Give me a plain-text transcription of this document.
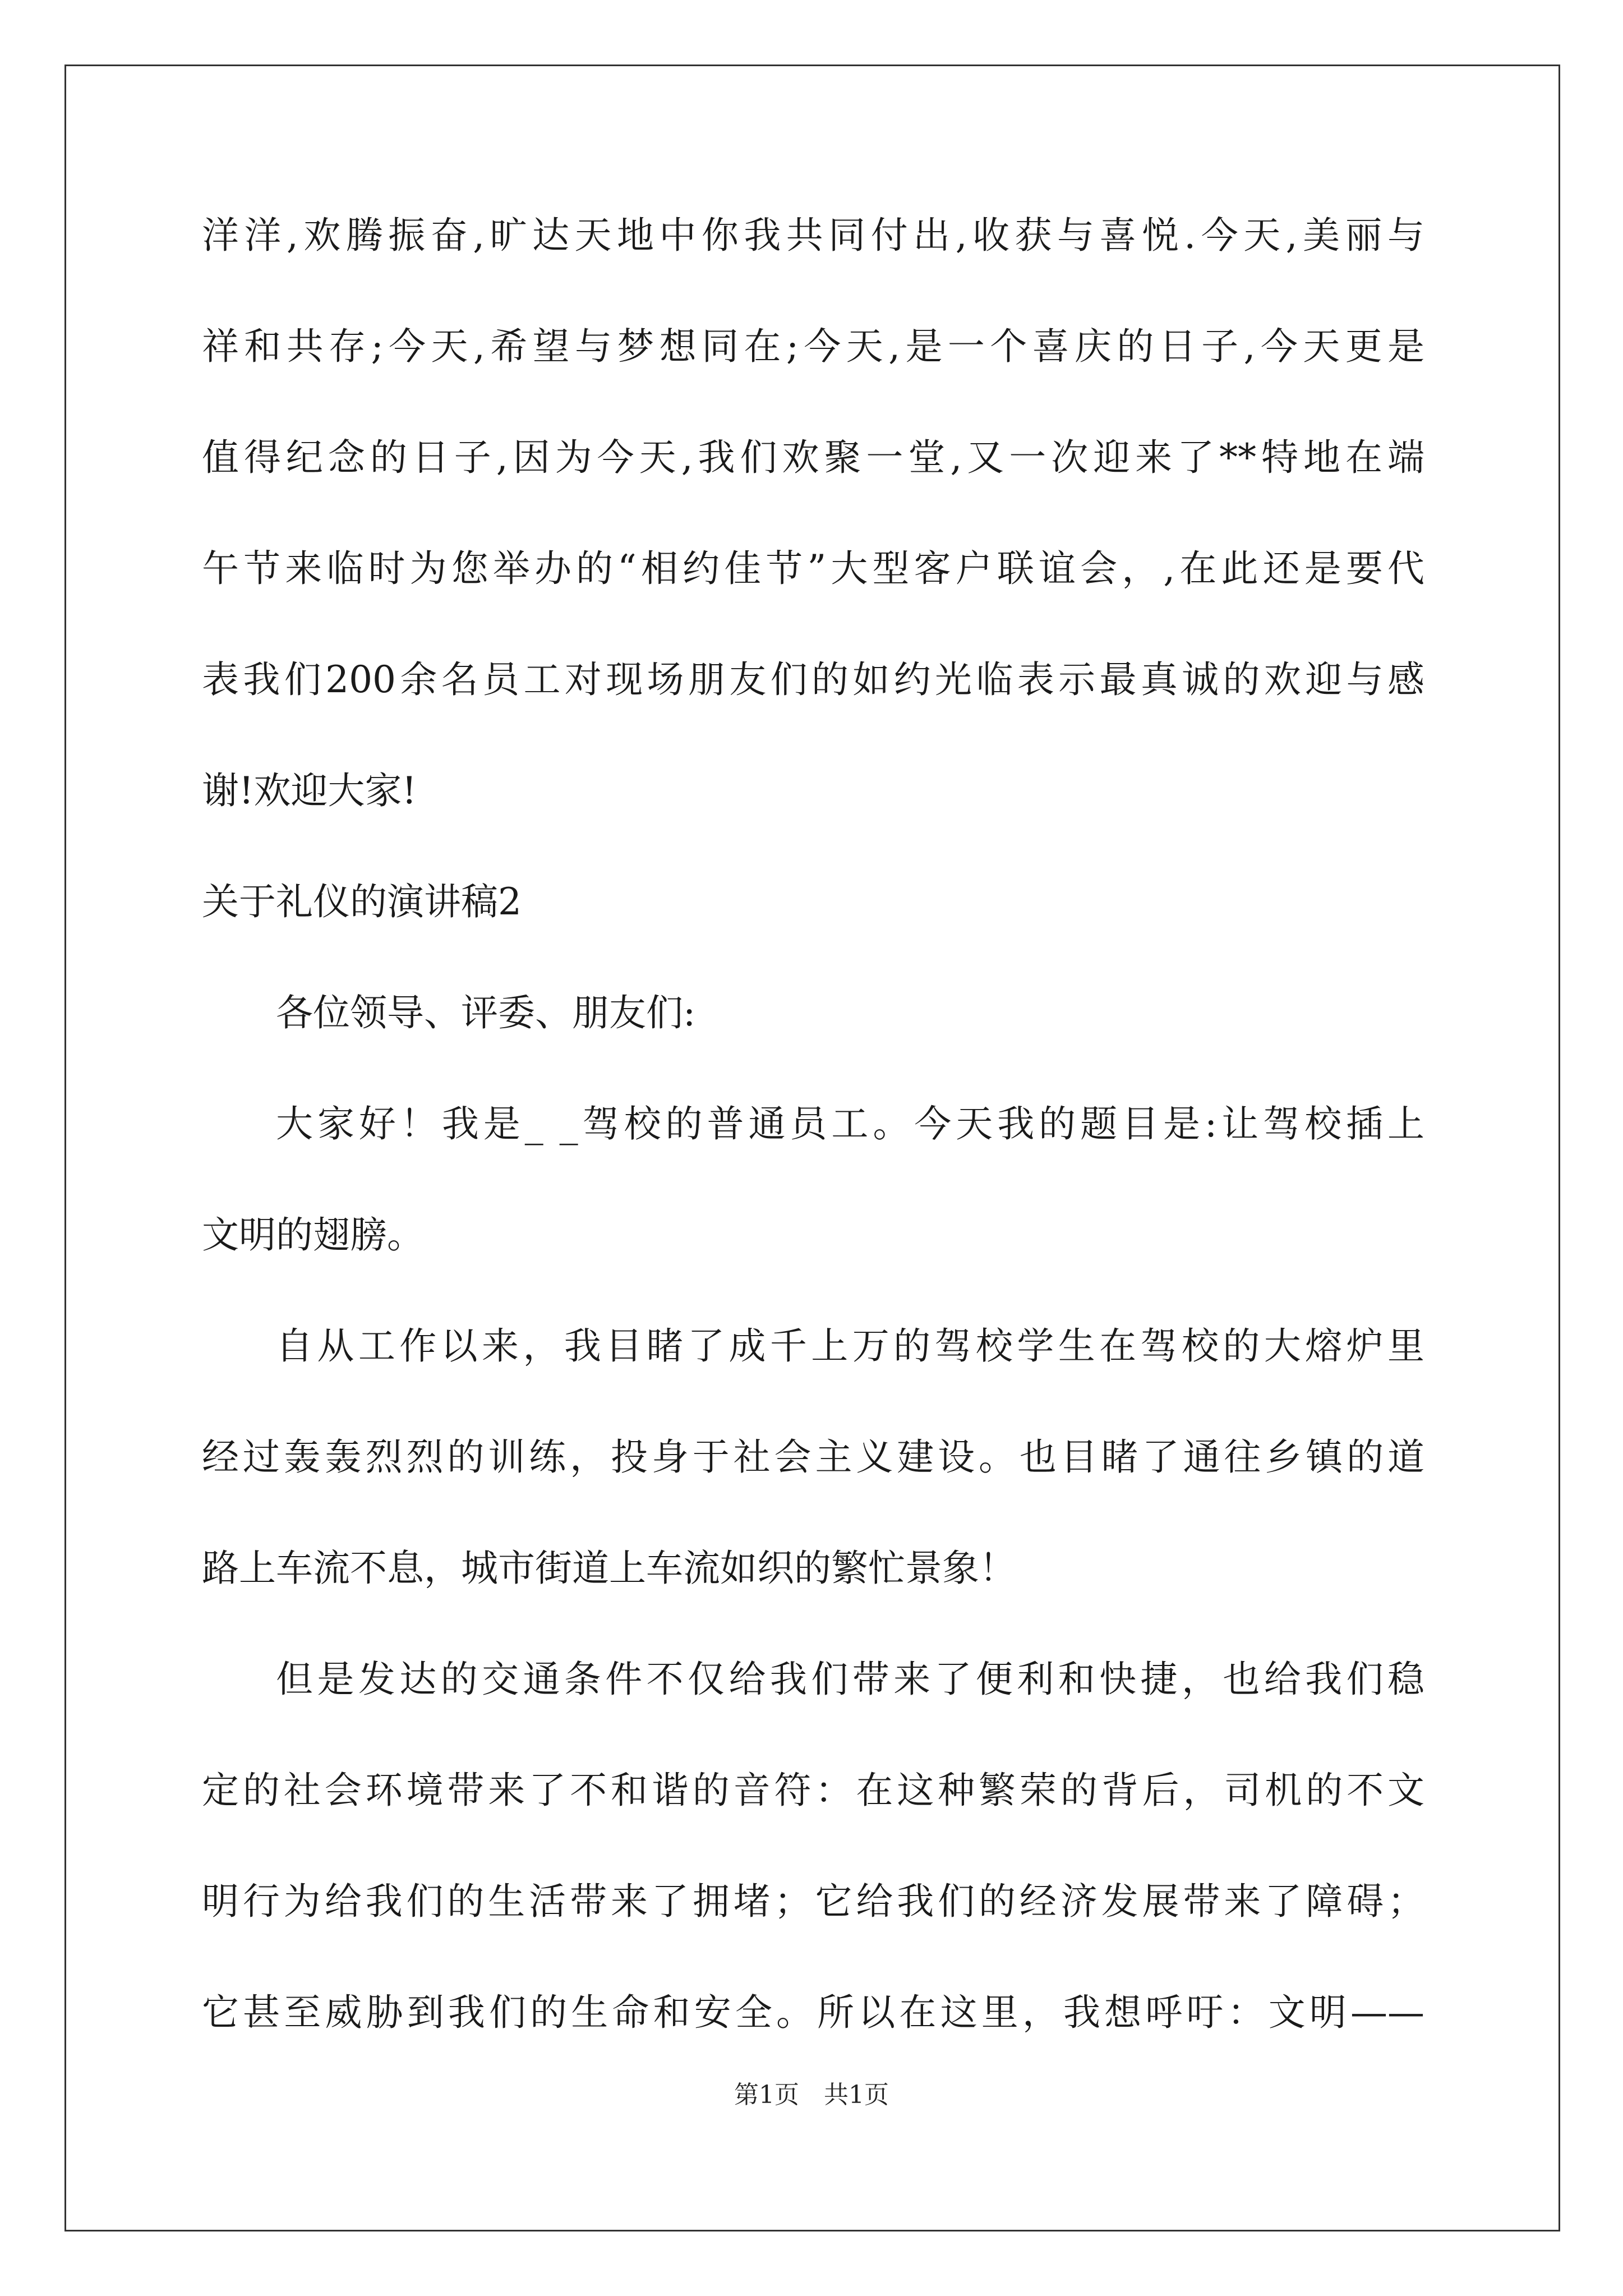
洋洋,欢腾振奋,旷达天地中你我共同付出,收获与喜悦.今天,美丽与
祥和共存;今天,希望与梦想同在;今天,是一个喜庆的日子,今天更是
值得纪念的日子,因为今天,我们欢聚一堂,又一次迎来了**特地在端
午节来临时为您举办的“相约佳节”大型客户联谊会，,在此还是要代
表我们200余名员工对现场朋友们的如约光临表示最真诚的欢迎与感
谢!欢迎大家!
关于礼仪的演讲稿2
各位领导、评委、朋友们:
大家好！我是_ _驾校的普通员工。今天我的题目是:让驾校插上
文明的翅膀。
自从工作以来，我目睹了成千上万的驾校学生在驾校的大熔炉里
经过轰轰烈烈的训练，投身于社会主义建设。也目睹了通往乡镇的道
路上车流不息，城市街道上车流如织的繁忙景象！
但是发达的交通条件不仅给我们带来了便利和快捷，也给我们稳
定的社会环境带来了不和谐的音符：在这种繁荣的背后，司机的不文
明行为给我们的生活带来了拥堵；它给我们的经济发展带来了障碍；
它甚至威胁到我们的生命和安全。所以在这里，我想呼吁：文明——
第1页 共1页
